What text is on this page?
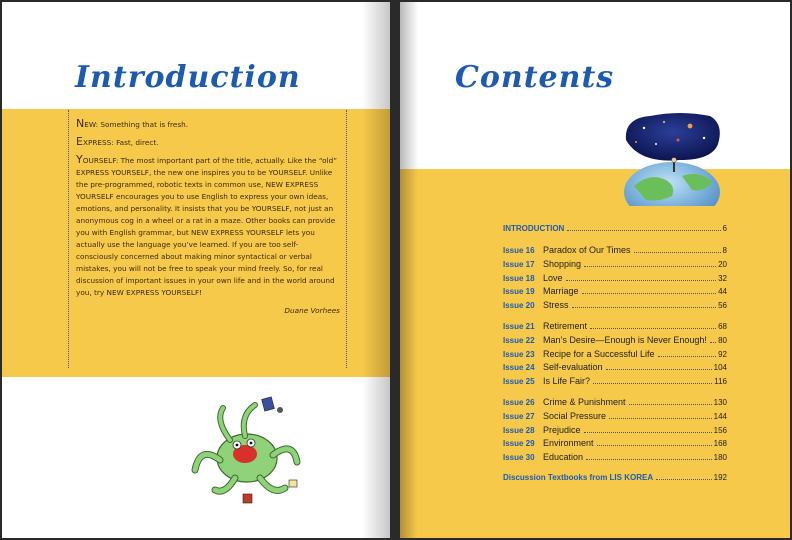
Introduction

NEW: Something that is fresh.

EXPRESS: Fast, direct.

YOURSELF: The most important part of the title, actually. Like the “old” EXPRESS YOURSELF, the new one inspires you to be YOURSELF. Unlike the pre-programmed, robotic texts in common use, NEW EXPRESS YOURSELF encourages you to use English to express your own ideas, emotions, and personality. It insists that you be YOURSELF, not just an anonymous cog in a wheel or a rat in a maze. Other books can provide you with English grammar, but NEW EXPRESS YOURSELF lets you actually use the language you’ve learned. If you are too self-consciously concerned about making minor syntactical or verbal mistakes, you will not be free to speak your mind freely. So, for real discussion of important issues in your own life and in the world around you, try NEW EXPRESS YOURSELF!

Duane Vorhees

Contents
INTRODUCTION	6
Issue 16 Paradox of Our Times	8
Issue 17 Shopping	20
Issue 18 Love	32
Issue 19 Marriage	44
Issue 20 Stress	56
Issue 21 Retirement	68
Issue 22 Man’s Desire—Enough is Never Enough! 80
Issue 23 Recipe for a Successful Life	92
Issue 24 Self-evaluation	104
Issue 25 Is Life Fair?	116
Issue 26 Crime & Punishment	130
Issue 27 Social Pressure	144
Issue 28 Prejudice	156
Issue 29 Environment	168
Issue 30 Education	180
Discussion Textbooks from LIS KOREA	192
